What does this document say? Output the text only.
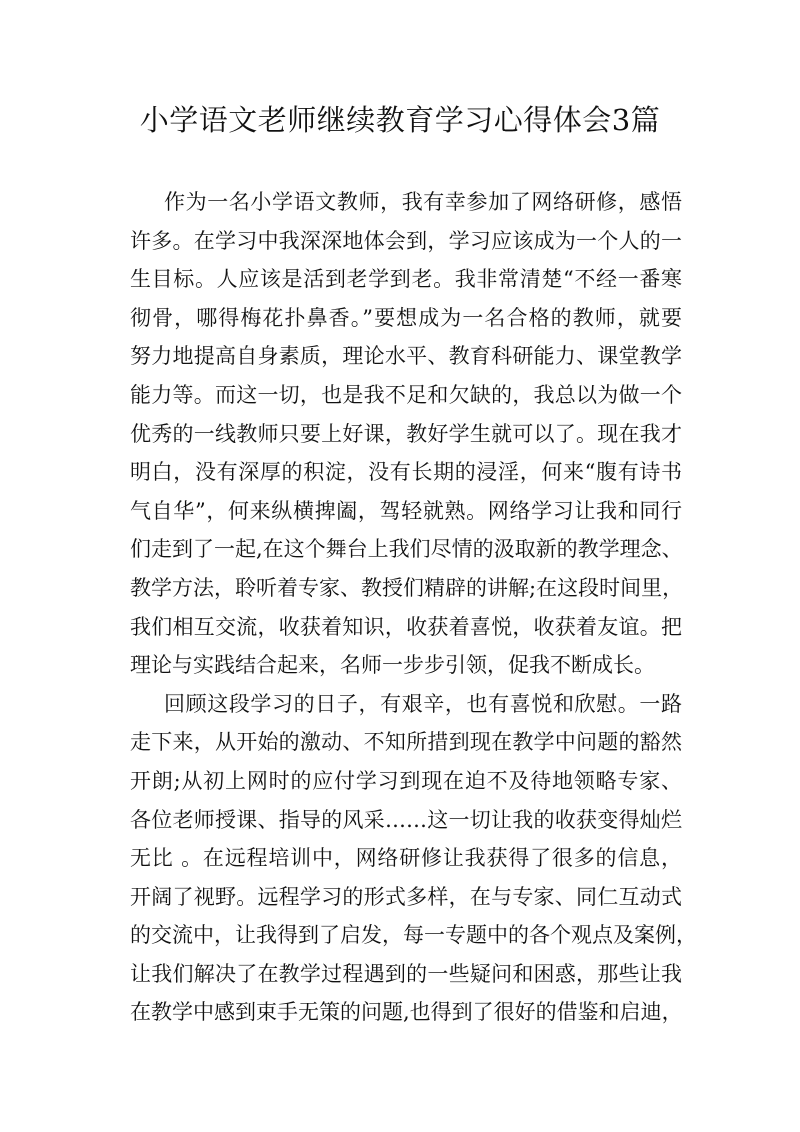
小学语文老师继续教育学习心得体会3篇

作为一名小学语文教师，我有幸参加了网络研修，感悟
许多。在学习中我深深地体会到，学习应该成为一个人的一
生目标。人应该是活到老学到老。我非常清楚“不经一番寒
彻骨，哪得梅花扑鼻香。”要想成为一名合格的教师，就要
努力地提高自身素质，理论水平、教育科研能力、课堂教学
能力等。而这一切，也是我不足和欠缺的，我总以为做一个
优秀的一线教师只要上好课，教好学生就可以了。现在我才
明白，没有深厚的积淀，没有长期的浸淫，何来“腹有诗书
气自华”，何来纵横捭阖，驾轻就熟。网络学习让我和同行
们走到了一起,在这个舞台上我们尽情的汲取新的教学理念、
教学方法，聆听着专家、教授们精辟的讲解;在这段时间里，
我们相互交流，收获着知识，收获着喜悦，收获着友谊。把
理论与实践结合起来，名师一步步引领，促我不断成长。

回顾这段学习的日子，有艰辛，也有喜悦和欣慰。一路
走下来，从开始的激动、不知所措到现在教学中问题的豁然
开朗;从初上网时的应付学习到现在迫不及待地领略专家、
各位老师授课、指导的风采……这一切让我的收获变得灿烂
无比 。在远程培训中，网络研修让我获得了很多的信息，
开阔了视野。远程学习的形式多样，在与专家、同仁互动式
的交流中，让我得到了启发，每一专题中的各个观点及案例，
让我们解决了在教学过程遇到的一些疑问和困惑，那些让我
在教学中感到束手无策的问题,也得到了很好的借鉴和启迪，
